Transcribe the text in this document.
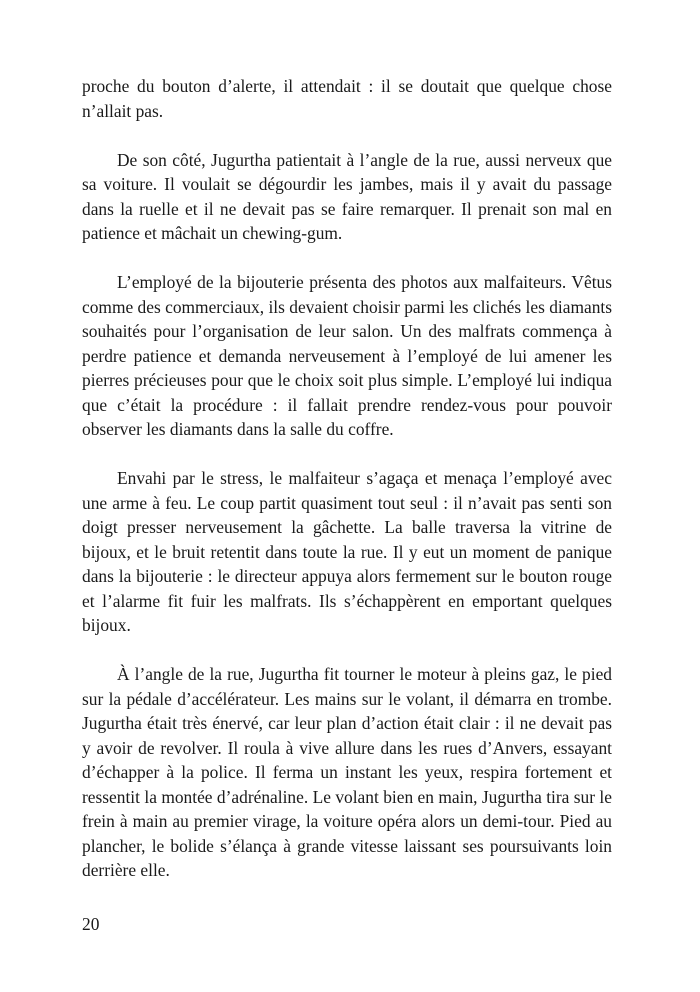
proche du bouton d’alerte, il attendait : il se doutait que quelque chose n’allait pas.

De son côté, Jugurtha patientait à l’angle de la rue, aussi nerveux que sa voiture. Il voulait se dégourdir les jambes, mais il y avait du passage dans la ruelle et il ne devait pas se faire remarquer. Il prenait son mal en patience et mâchait un chewing-gum.

L’employé de la bijouterie présenta des photos aux malfaiteurs. Vêtus comme des commerciaux, ils devaient choisir parmi les clichés les diamants souhaités pour l’organisation de leur salon. Un des malfrats commença à perdre patience et demanda nerveusement à l’employé de lui amener les pierres précieuses pour que le choix soit plus simple. L’employé lui indiqua que c’était la procédure : il fallait prendre rendez-vous pour pouvoir observer les diamants dans la salle du coffre.

Envahi par le stress, le malfaiteur s’agaça et menaça l’employé avec une arme à feu. Le coup partit quasiment tout seul : il n’avait pas senti son doigt presser nerveusement la gâchette. La balle traversa la vitrine de bijoux, et le bruit retentit dans toute la rue. Il y eut un moment de panique dans la bijouterie : le directeur appuya alors fermement sur le bouton rouge et l’alarme fit fuir les malfrats. Ils s’échappèrent en emportant quelques bijoux.

À l’angle de la rue, Jugurtha fit tourner le moteur à pleins gaz, le pied sur la pédale d’accélérateur. Les mains sur le volant, il démarra en trombe. Jugurtha était très énervé, car leur plan d’action était clair : il ne devait pas y avoir de revolver. Il roula à vive allure dans les rues d’Anvers, essayant d’échapper à la police. Il ferma un instant les yeux, respira fortement et ressentit la montée d’adrénaline. Le volant bien en main, Jugurtha tira sur le frein à main au premier virage, la voiture opéra alors un demi-tour. Pied au plancher, le bolide s’élança à grande vitesse laissant ses poursuivants loin derrière elle.

20
